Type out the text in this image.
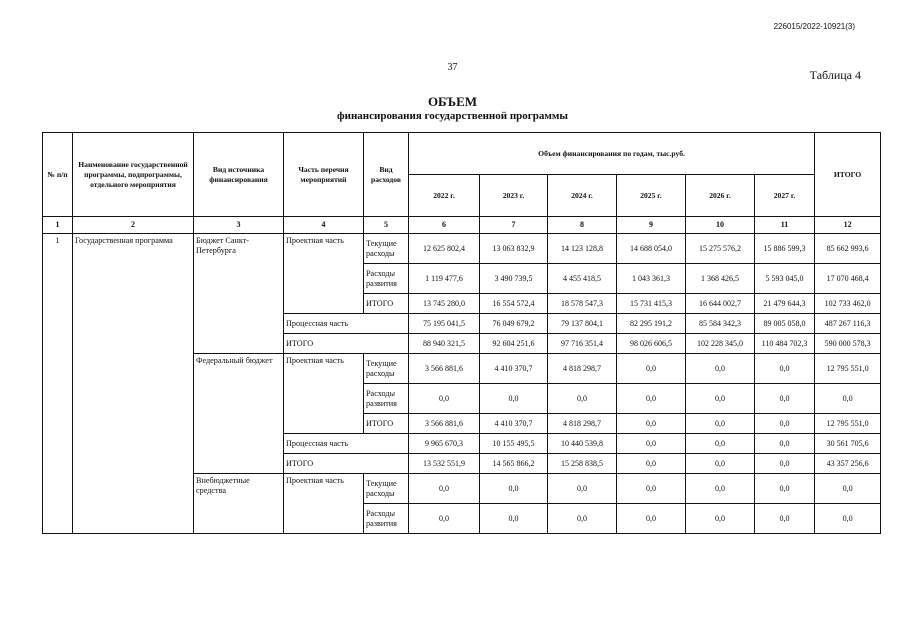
226015/2022-10921(3)
37
Таблица 4
ОБЪЕМ
финансирования государственной программы
№ п/п	Наименование государственной программы, подпрограммы, отдельного мероприятия	Вид источника финансирования	Часть перечня мероприятий	Вид расходов	Объем финансирования по годам, тыс.руб.						ИТОГО
					2022 г.	2023 г.	2024 г.	2025 г.	2026 г.	2027 г.	
1	2	3	4	5	6	7	8	9	10	11	12
1	Государственная программа	Бюджет Санкт-Петербурга	Проектная часть	Текущие расходы	12 625 802,4	13 063 832,9	14 123 128,8	14 688 054,0	15 275 576,2	15 886 599,3	85 662 993,6
				Расходы развития	1 119 477,6	3 490 739,5	4 455 418,5	1 043 361,3	1 368 426,5	5 593 045,0	17 070 468,4
				ИТОГО	13 745 280,0	16 554 572,4	18 578 547,3	15 731 415,3	16 644 002,7	21 479 644,3	102 733 462,0
			Процессная часть		75 195 041,5	76 049 679,2	79 137 804,1	82 295 191,2	85 584 342,3	89 005 058,0	487 267 116,3
			ИТОГО		88 940 321,5	92 604 251,6	97 716 351,4	98 026 606,5	102 228 345,0	110 484 702,3	590 000 578,3
		Федеральный бюджет	Проектная часть	Текущие расходы	3 566 881,6	4 410 370,7	4 818 298,7	0,0	0,0	0,0	12 795 551,0
				Расходы развития	0,0	0,0	0,0	0,0	0,0	0,0	0,0
				ИТОГО	3 566 881,6	4 410 370,7	4 818 298,7	0,0	0,0	0,0	12 795 551,0
			Процессная часть		9 965 670,3	10 155 495,5	10 440 539,8	0,0	0,0	0,0	30 561 705,6
			ИТОГО		13 532 551,9	14 565 866,2	15 258 838,5	0,0	0,0	0,0	43 357 256,6
		Внебюджетные средства	Проектная часть	Текущие расходы	0,0	0,0	0,0	0,0	0,0	0,0	0,0
				Расходы развития	0,0	0,0	0,0	0,0	0,0	0,0	0,0
